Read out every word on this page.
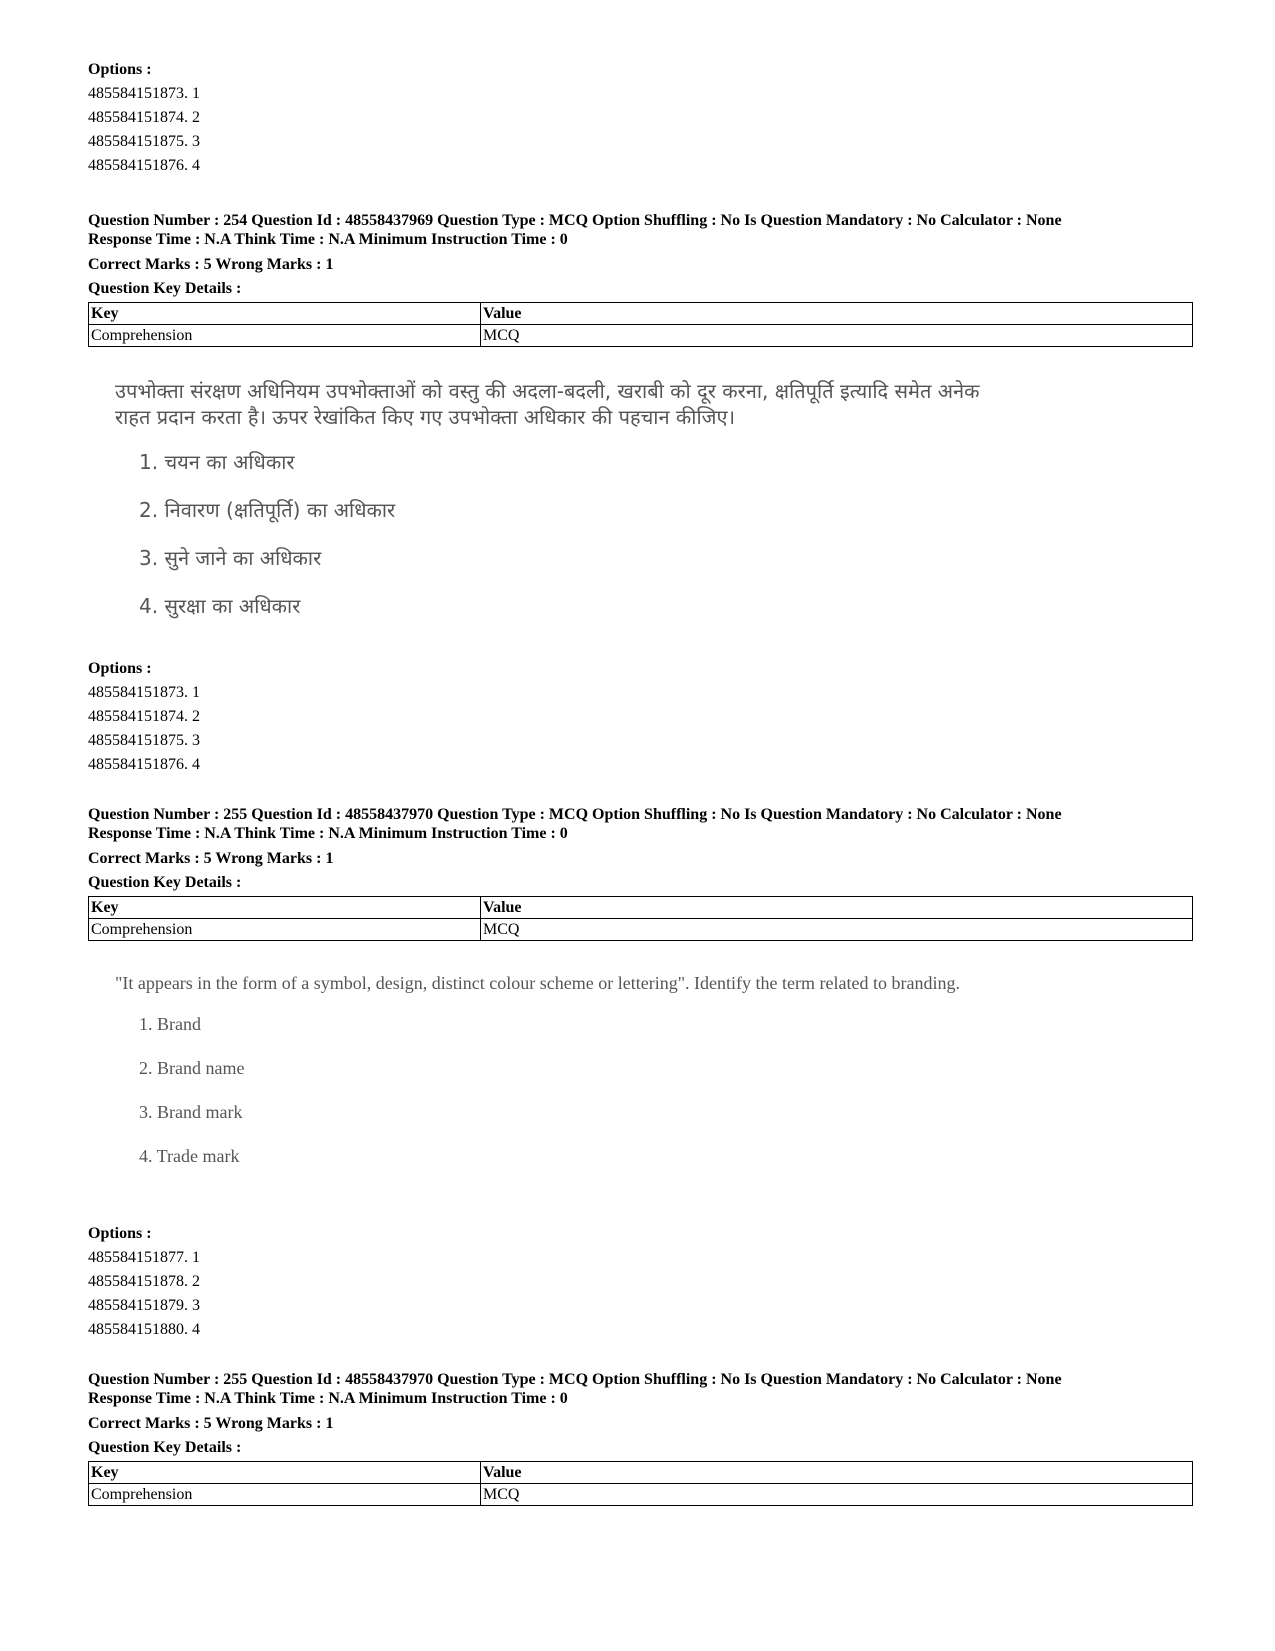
Options :
485584151873. 1
485584151874. 2
485584151875. 3
485584151876. 4
Question Number : 254 Question Id : 48558437969 Question Type : MCQ Option Shuffling : No Is Question Mandatory : No Calculator : None
Response Time : N.A Think Time : N.A Minimum Instruction Time : 0
Correct Marks : 5 Wrong Marks : 1
Question Key Details :
Key	Value
Comprehension	MCQ
उपभोक्ता संरक्षण अधिनियम उपभोक्ताओं को वस्तु की अदला-बदली, खराबी को दूर करना, क्षतिपूर्ति इत्यादि समेत अनेक राहत प्रदान करता है। ऊपर रेखांकित किए गए उपभोक्ता अधिकार की पहचान कीजिए।
1. चयन का अधिकार
2. निवारण (क्षतिपूर्ति) का अधिकार
3. सुने जाने का अधिकार
4. सुरक्षा का अधिकार
Options :
485584151873. 1
485584151874. 2
485584151875. 3
485584151876. 4
Question Number : 255 Question Id : 48558437970 Question Type : MCQ Option Shuffling : No Is Question Mandatory : No Calculator : None
Response Time : N.A Think Time : N.A Minimum Instruction Time : 0
Correct Marks : 5 Wrong Marks : 1
Question Key Details :
Key	Value
Comprehension	MCQ
"It appears in the form of a symbol, design, distinct colour scheme or lettering". Identify the term related to branding.
1. Brand
2. Brand name
3. Brand mark
4. Trade mark
Options :
485584151877. 1
485584151878. 2
485584151879. 3
485584151880. 4
Question Number : 255 Question Id : 48558437970 Question Type : MCQ Option Shuffling : No Is Question Mandatory : No Calculator : None
Response Time : N.A Think Time : N.A Minimum Instruction Time : 0
Correct Marks : 5 Wrong Marks : 1
Question Key Details :
Key	Value
Comprehension	MCQ
